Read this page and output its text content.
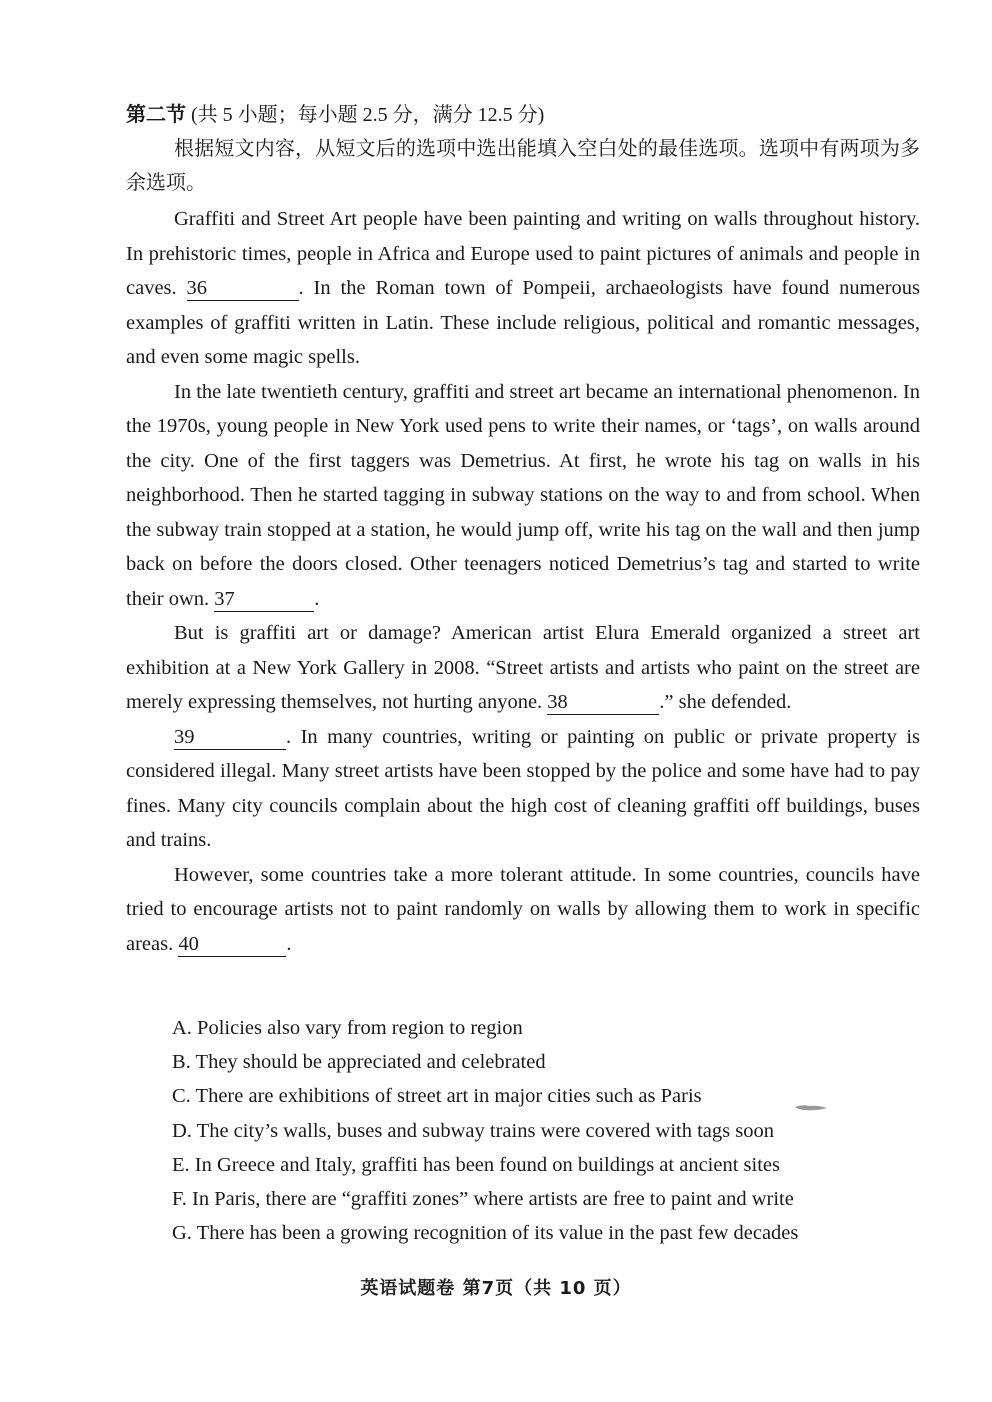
第二节 (共 5 小题；每小题 2.5 分，满分 12.5 分)

根据短文内容，从短文后的选项中选出能填入空白处的最佳选项。选项中有两项为多余选项。

Graffiti and Street Art people have been painting and writing on walls throughout history. In prehistoric times, people in Africa and Europe used to paint pictures of animals and people in caves. 36	. In the Roman town of Pompeii, archaeologists have found numerous examples of graffiti written in Latin. These include religious, political and romantic messages, and even some magic spells.

In the late twentieth century, graffiti and street art became an international phenomenon. In the 1970s, young people in New York used pens to write their names, or ‘tags’, on walls around the city. One of the first taggers was Demetrius. At first, he wrote his tag on walls in his neighborhood. Then he started tagging in subway stations on the way to and from school. When the subway train stopped at a station, he would jump off, write his tag on the wall and then jump back on before the doors closed. Other teenagers noticed Demetrius’s tag and started to write their own. 37	.

But is graffiti art or damage? American artist Elura Emerald organized a street art exhibition at a New York Gallery in 2008. “Street artists and artists who paint on the street are merely expressing themselves, not hurting anyone. 38	.” she defended.

39	. In many countries, writing or painting on public or private property is considered illegal. Many street artists have been stopped by the police and some have had to pay fines. Many city councils complain about the high cost of cleaning graffiti off buildings, buses and trains.

However, some countries take a more tolerant attitude. In some countries, councils have tried to encourage artists not to paint randomly on walls by allowing them to work in specific areas. 40	.

A. Policies also vary from region to region

B. They should be appreciated and celebrated

C. There are exhibitions of street art in major cities such as Paris

D. The city’s walls, buses and subway trains were covered with tags soon

E. In Greece and Italy, graffiti has been found on buildings at ancient sites

F. In Paris, there are “graffiti zones” where artists are free to paint and write

G. There has been a growing recognition of its value in the past few decades

英语试题卷 第7页（共 10 页）
